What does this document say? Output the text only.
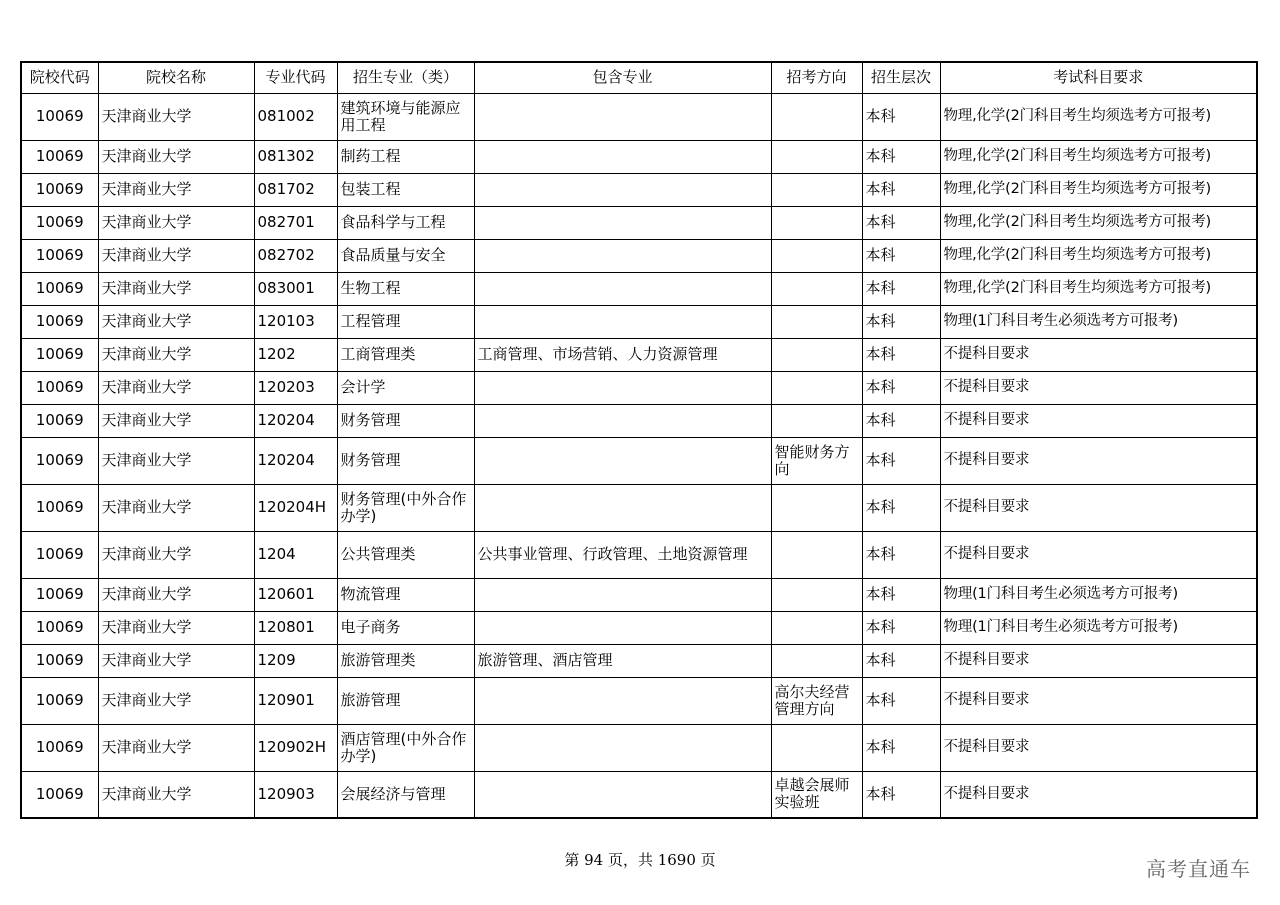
院校代码	院校名称	专业代码	招生专业（类）	包含专业	招考方向	招生层次	考试科目要求
10069	天津商业大学	081002	建筑环境与能源应用工程			本科	物理,化学(2门科目考生均须选考方可报考)
10069	天津商业大学	081302	制药工程			本科	物理,化学(2门科目考生均须选考方可报考)
10069	天津商业大学	081702	包装工程			本科	物理,化学(2门科目考生均须选考方可报考)
10069	天津商业大学	082701	食品科学与工程			本科	物理,化学(2门科目考生均须选考方可报考)
10069	天津商业大学	082702	食品质量与安全			本科	物理,化学(2门科目考生均须选考方可报考)
10069	天津商业大学	083001	生物工程			本科	物理,化学(2门科目考生均须选考方可报考)
10069	天津商业大学	120103	工程管理			本科	物理(1门科目考生必须选考方可报考)
10069	天津商业大学	1202	工商管理类	工商管理、市场营销、人力资源管理		本科	不提科目要求
10069	天津商业大学	120203	会计学			本科	不提科目要求
10069	天津商业大学	120204	财务管理			本科	不提科目要求
10069	天津商业大学	120204	财务管理		智能财务方向	本科	不提科目要求
10069	天津商业大学	120204H	财务管理(中外合作办学)			本科	不提科目要求
10069	天津商业大学	1204	公共管理类	公共事业管理、行政管理、土地资源管理		本科	不提科目要求
10069	天津商业大学	120601	物流管理			本科	物理(1门科目考生必须选考方可报考)
10069	天津商业大学	120801	电子商务			本科	物理(1门科目考生必须选考方可报考)
10069	天津商业大学	1209	旅游管理类	旅游管理、酒店管理		本科	不提科目要求
10069	天津商业大学	120901	旅游管理		高尔夫经营管理方向	本科	不提科目要求
10069	天津商业大学	120902H	酒店管理(中外合作办学)			本科	不提科目要求
10069	天津商业大学	120903	会展经济与管理		卓越会展师实验班	本科	不提科目要求
第 94 页，共 1690 页	高考直通车
